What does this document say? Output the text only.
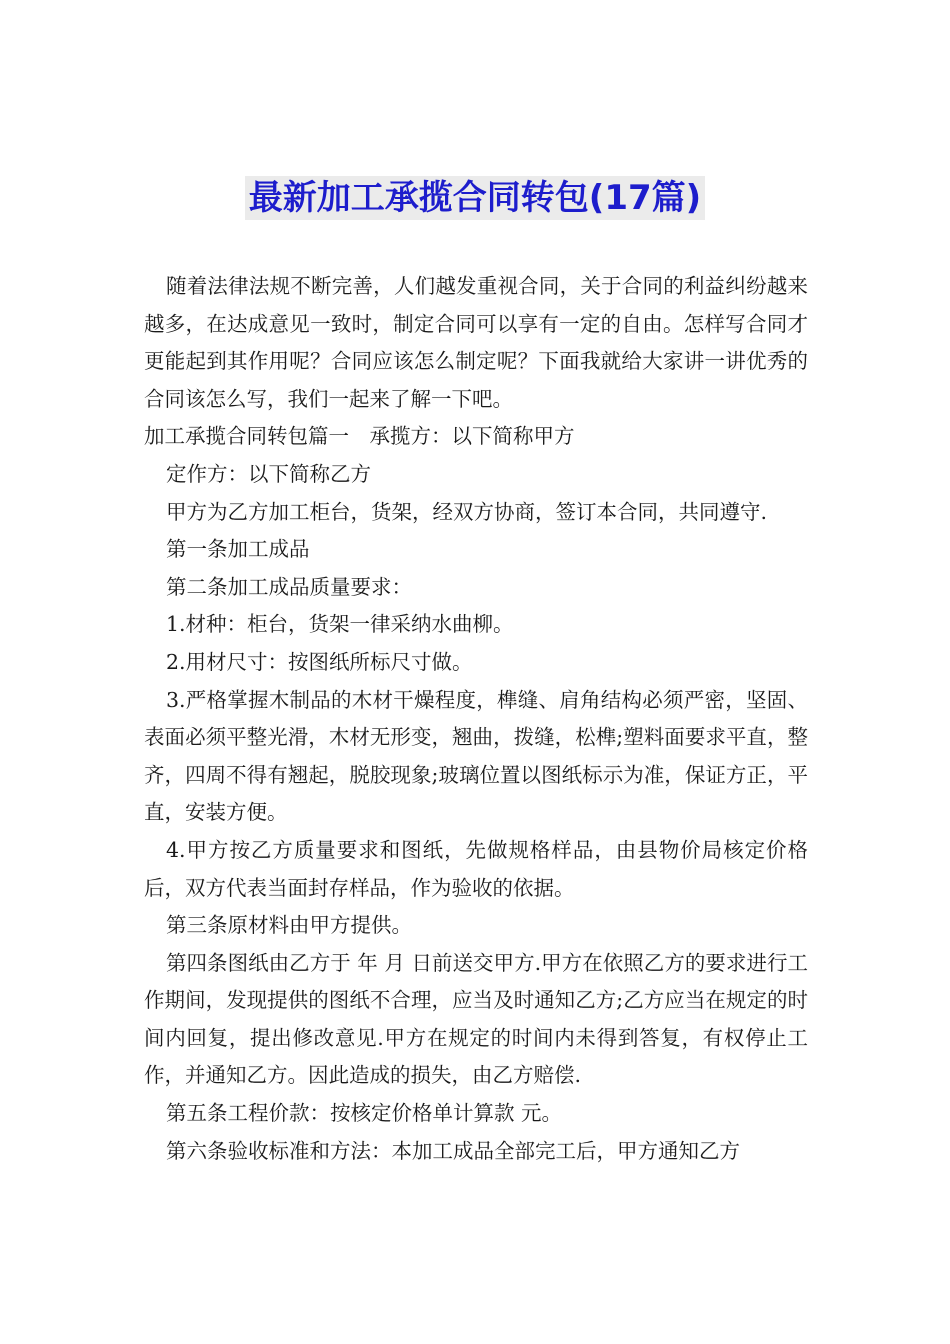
最新加工承揽合同转包(17篇)

随着法律法规不断完善，人们越发重视合同，关于合同的利益纠纷越来越多，在达成意见一致时，制定合同可以享有一定的自由。怎样写合同才更能起到其作用呢？合同应该怎么制定呢？下面我就给大家讲一讲优秀的合同该怎么写，我们一起来了解一下吧。

加工承揽合同转包篇一　承揽方：以下简称甲方

定作方：以下简称乙方

甲方为乙方加工柜台，货架，经双方协商，签订本合同，共同遵守.

第一条加工成品

第二条加工成品质量要求：

1.材种：柜台，货架一律采纳水曲柳。

2.用材尺寸：按图纸所标尺寸做。

3.严格掌握木制品的木材干燥程度，榫缝、肩角结构必须严密，坚固、表面必须平整光滑，木材无形变，翘曲，拨缝，松榫;塑料面要求平直，整齐，四周不得有翘起，脱胶现象;玻璃位置以图纸标示为准，保证方正，平直，安装方便。

4.甲方按乙方质量要求和图纸，先做规格样品，由县物价局核定价格后，双方代表当面封存样品，作为验收的依据。

第三条原材料由甲方提供。

第四条图纸由乙方于 年 月 日前送交甲方.甲方在依照乙方的要求进行工作期间，发现提供的图纸不合理，应当及时通知乙方;乙方应当在规定的时间内回复，提出修改意见.甲方在规定的时间内未得到答复，有权停止工作，并通知乙方。因此造成的损失，由乙方赔偿.

第五条工程价款：按核定价格单计算款 元。

第六条验收标准和方法：本加工成品全部完工后，甲方通知乙方
